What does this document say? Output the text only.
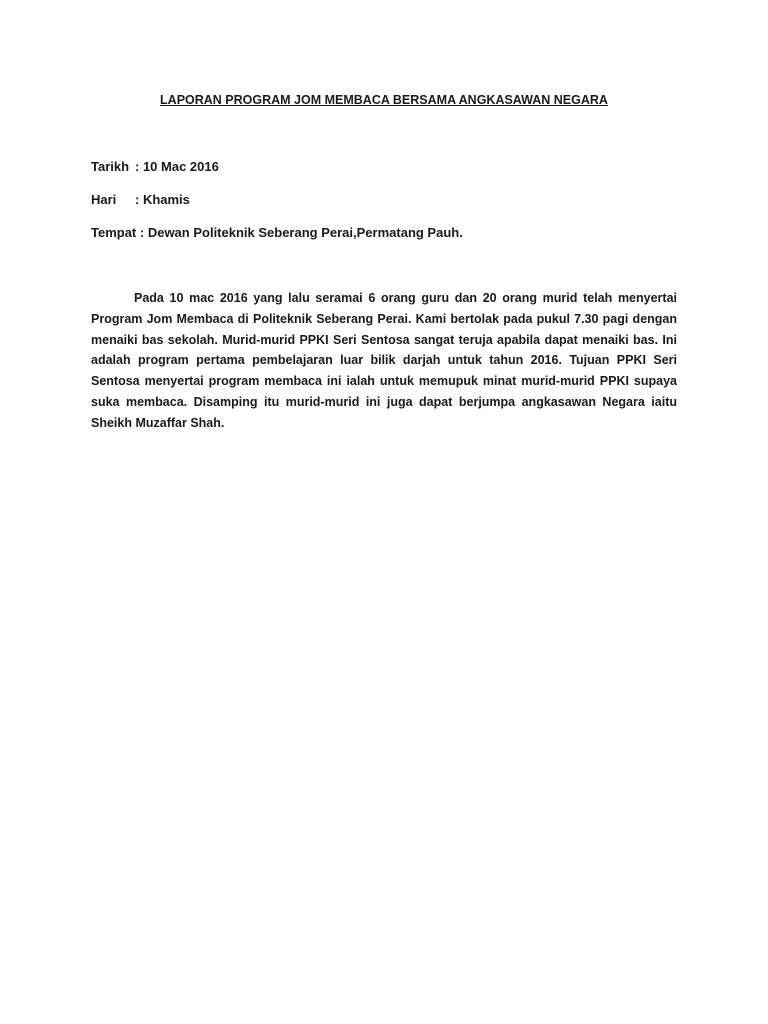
LAPORAN PROGRAM JOM MEMBACA BERSAMA ANGKASAWAN NEGARA
Tarikh : 10 Mac 2016
Hari : Khamis
Tempat : Dewan Politeknik Seberang Perai,Permatang Pauh.

Pada 10 mac 2016 yang lalu seramai 6 orang guru dan 20 orang murid telah menyertai Program Jom Membaca di Politeknik Seberang Perai. Kami bertolak pada pukul 7.30 pagi dengan menaiki bas sekolah. Murid-murid PPKI Seri Sentosa sangat teruja apabila dapat menaiki bas. Ini adalah program pertama pembelajaran luar bilik darjah untuk tahun 2016. Tujuan PPKI Seri Sentosa menyertai program membaca ini ialah untuk memupuk minat murid-murid PPKI supaya suka membaca. Disamping itu murid-murid ini juga dapat berjumpa angkasawan Negara iaitu Sheikh Muzaffar Shah.
